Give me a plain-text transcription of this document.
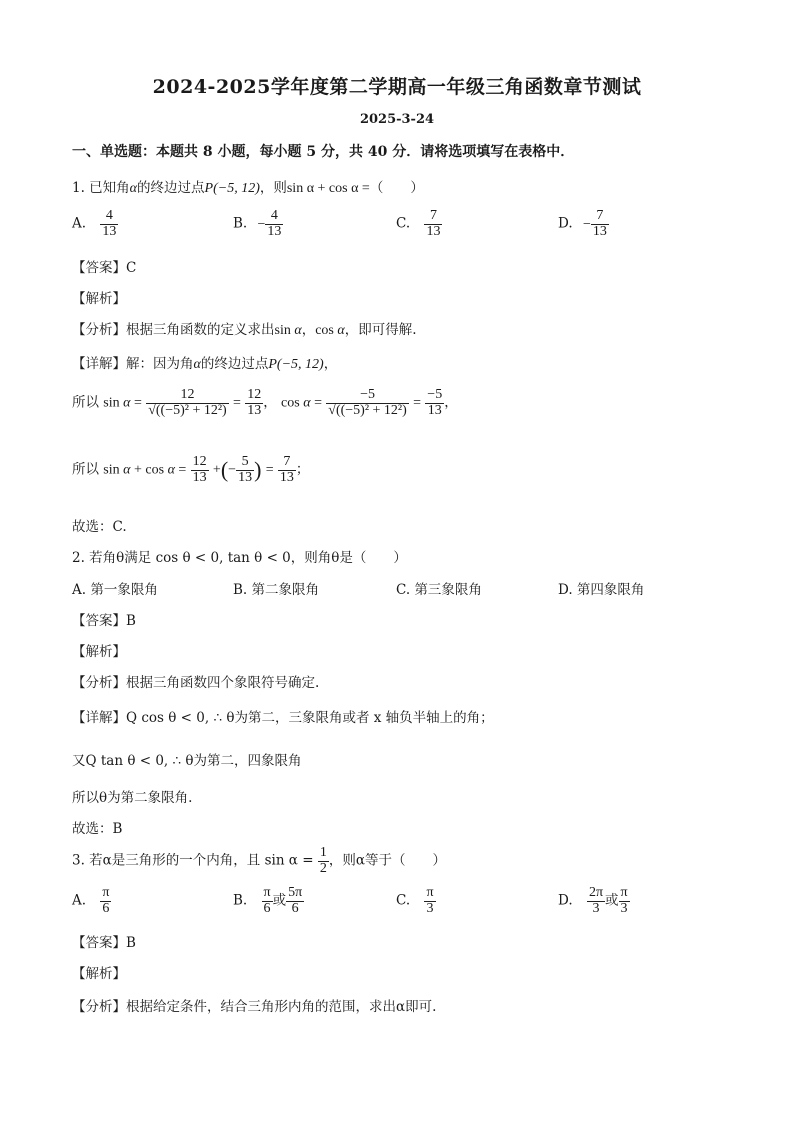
2024-2025学年度第二学期高一年级三角函数章节测试
2025-3-24
一、单选题：本题共 8 小题，每小题 5 分，共 40 分．请将选项填写在表格中．
1. 已知角α的终边过点P(−5, 12)，则sin α + cos α =（　　）
A. $\frac{4}{13}$	B. − $\frac{4}{13}$	C. $\frac{7}{13}$	D. − $\frac{7}{13}$
【答案】C
【解析】
【分析】根据三角函数的定义求出sin α，cos α，即可得解.
【详解】解：因为角α的终边过点P(−5, 12)，
所以 $\sin \alpha = \frac{12}{\text{√((−5)² + 12²)}} = \frac{12}{13}$ ， $\cos \alpha = \frac{-5}{\text{√((−5)² + 12²)}} = \frac{-5}{13}$ ，
所以 $\sin \alpha + \cos \alpha = \frac{12}{13}$ +(− $\frac{5}{13}$ ) = $\frac{7}{13}$ ；
故选：C.
2. 若角θ满足 cos θ < 0, tan θ < 0，则角θ是（　　）
A. 第一象限角	B. 第二象限角	C. 第三象限角	D. 第四象限角
【答案】B
【解析】
【分析】根据三角函数四个象限符号确定.
【详解】Q cos θ < 0, ∴ θ为第二，三象限角或者 x 轴负半轴上的角；
又Q tan θ < 0, ∴ θ为第二，四象限角
所以θ为第二象限角.
故选：B
3. 若α是三角形的一个内角，且 $\sin \alpha = \frac{1}{2}$ ，则α等于（　　）
A. $\frac{\pi}{6}$	B. $\frac{\pi}{6}$ 或 $\frac{5\pi}{6}$	C. $\frac{\pi}{3}$	D. $\frac{2\pi}{3}$ 或 $\frac{\pi}{3}$
【答案】B
【解析】
【分析】根据给定条件，结合三角形内角的范围，求出α即可.
